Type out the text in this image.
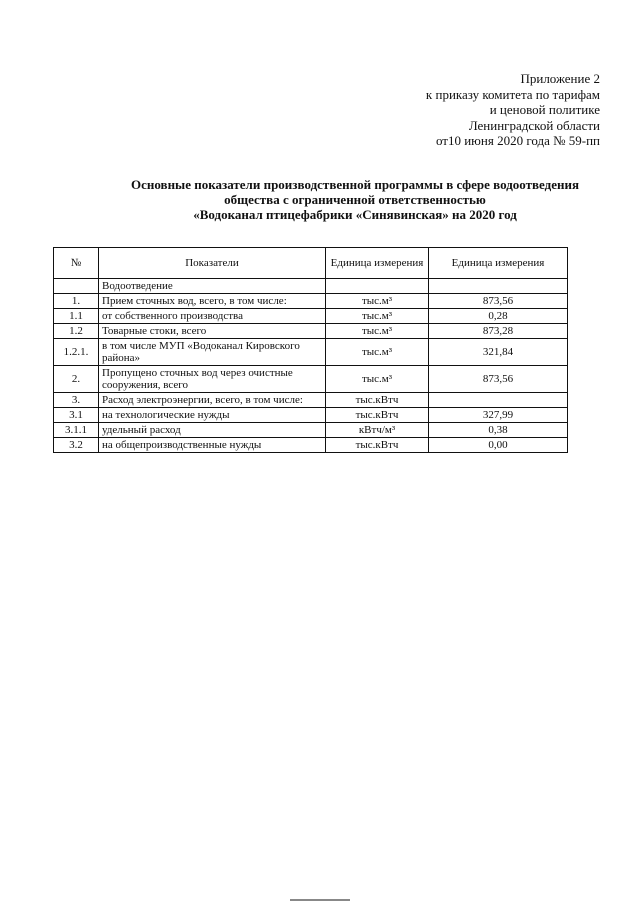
Приложение 2
к приказу комитета по тарифам
и ценовой политике
Ленинградской области
от10 июня 2020 года № 59-пп
Основные показатели производственной программы в сфере водоотведения
общества с ограниченной ответственностью
«Водоканал птицефабрики «Синявинская» на 2020 год
№	Показатели	Единица измерения	Единица измерения
	Водоотведение		
1.	Прием сточных вод, всего, в том числе:	тыс.м³	873,56
1.1	от собственного производства	тыс.м³	0,28
1.2	Товарные стоки, всего	тыс.м³	873,28
1.2.1.	в том числе МУП «Водоканал Кировского района»	тыс.м³	321,84
2.	Пропущено сточных вод через очистные сооружения, всего	тыс.м³	873,56
3.	Расход электроэнергии, всего, в том числе:	тыс.кВтч	
3.1	на технологические нужды	тыс.кВтч	327,99
3.1.1	удельный расход	кВтч/м³	0,38
3.2	на общепроизводственные нужды	тыс.кВтч	0,00
